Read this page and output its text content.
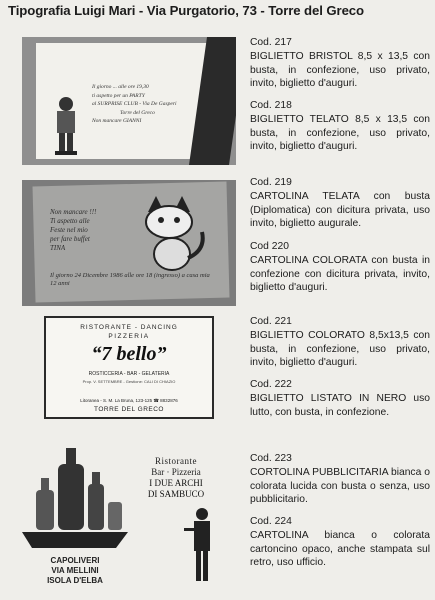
Tipografia Luigi Mari - Via Purgatorio, 73 - Torre del Greco
Il giorno ... alle ore 19,30
ti aspetto per un PARTY
al SURPRISE CLUB - Via De Gasperi
Torre del Greco
Non mancare GIANNI
Cod. 217
BIGLIETTO BRISTOL 8,5 x 13,5 con busta, in confezione, uso privato, invito, biglietto d'auguri.
Cod. 218
BIGLIETTO TELATO 8,5 x 13,5 con busta, in confezione, uso privato, invito, biglietto d'auguri.
Non mancare !!!
Ti aspetto alle
Feste nel mio
per fare buffet
TINA
Il giorno 24 Dicembre 1986 alle ore 18 (ingresso) a casa mia 12 anni
Cod. 219
CARTOLINA TELATA con busta (Diplomatica) con dicitura privata, uso invito, biglietto augurale.
Cod 220
CARTOLINA COLORATA con busta in confezione con dicitura privata, invito, biglietto d'auguri.
RISTORANTE - DANCING
PIZZERIA
“7 bello”
ROSTICCERIA - BAR - GELATERIA
Prop. V. SETTEMBRE - Gestione: CALI DI CHIAZIO
Litoranea - S. M. La Bruna, 123-125 ☎ 8832876
TORRE DEL GRECO
Cod. 221
BIGLIETTO COLORATO 8,5x13,5 con busta, in confezione, uso privato, invito, biglietto d'auguri.
Cod. 222
BIGLIETTO LISTATO IN NERO uso lutto, con busta, in confezione.
Ristorante
Bar · Pizzeria
I DUE ARCHI
DI SAMBUCO
CAPOLIVERI
VIA MELLINI
ISOLA D'ELBA
Cod. 223
CORTOLINA PUBBLICITARIA bianca o colorata lucida con busta o senza, uso pubblicitario.
Cod. 224
CARTOLINA bianca o colorata cartoncino opaco, anche stampata sul retro, uso ufficio.
